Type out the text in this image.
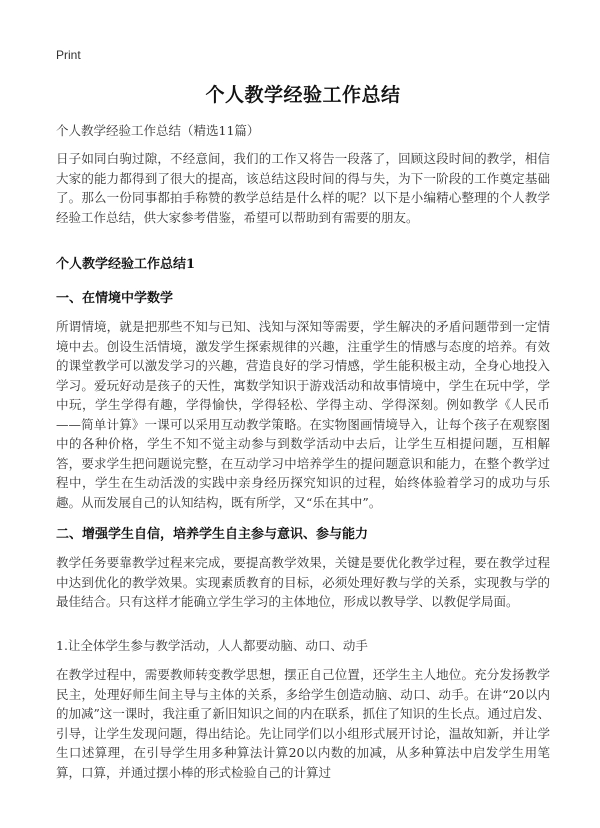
Print
个人教学经验工作总结
个人教学经验工作总结（精选11篇）

日子如同白驹过隙，不经意间，我们的工作又将告一段落了，回顾这段时间的教学，相信大家的能力都得到了很大的提高，该总结这段时间的得与失，为下一阶段的工作奠定基础了。那么一份同事都拍手称赞的教学总结是什么样的呢？以下是小编精心整理的个人教学经验工作总结，供大家参考借鉴，希望可以帮助到有需要的朋友。

个人教学经验工作总结1
一、在情境中学数学

所谓情境，就是把那些不知与已知、浅知与深知等需要，学生解决的矛盾问题带到一定情境中去。创设生活情境，激发学生探索规律的兴趣，注重学生的情感与态度的培养。有效的课堂教学可以激发学习的兴趣，营造良好的学习情感，学生能积极主动，全身心地投入学习。爱玩好动是孩子的天性，寓数学知识于游戏活动和故事情境中，学生在玩中学，学中玩，学生学得有趣，学得愉快，学得轻松、学得主动、学得深刻。例如教学《人民币——简单计算》一课可以采用互动教学策略。在实物图画情境导入，让每个孩子在观察图中的各种价格，学生不知不觉主动参与到数学活动中去后，让学生互相提问题，互相解答，要求学生把问题说完整，在互动学习中培养学生的提问题意识和能力，在整个教学过程中，学生在生动活泼的实践中亲身经历探究知识的过程，始终体验着学习的成功与乐趣。从而发展自己的认知结构，既有所学，又“乐在其中”。

二、增强学生自信，培养学生自主参与意识、参与能力

教学任务要靠教学过程来完成，要提高教学效果，关键是要优化教学过程，要在教学过程中达到优化的教学效果。实现素质教育的目标，必须处理好教与学的关系，实现教与学的最佳结合。只有这样才能确立学生学习的主体地位，形成以教导学、以教促学局面。

1.让全体学生参与教学活动，人人都要动脑、动口、动手

在教学过程中，需要教师转变教学思想，摆正自己位置，还学生主人地位。充分发扬教学民主，处理好师生间主导与主体的关系，多给学生创造动脑、动口、动手。在讲“20以内的加减”这一课时，我注重了新旧知识之间的内在联系，抓住了知识的生长点。通过启发、引导，让学生发现问题，得出结论。先让同学们以小组形式展开讨论，温故知新，并让学生口述算理，在引导学生用多种算法计算20以内数的加减，从多种算法中启发学生用笔算，口算，并通过摆小棒的形式检验自己的计算过
